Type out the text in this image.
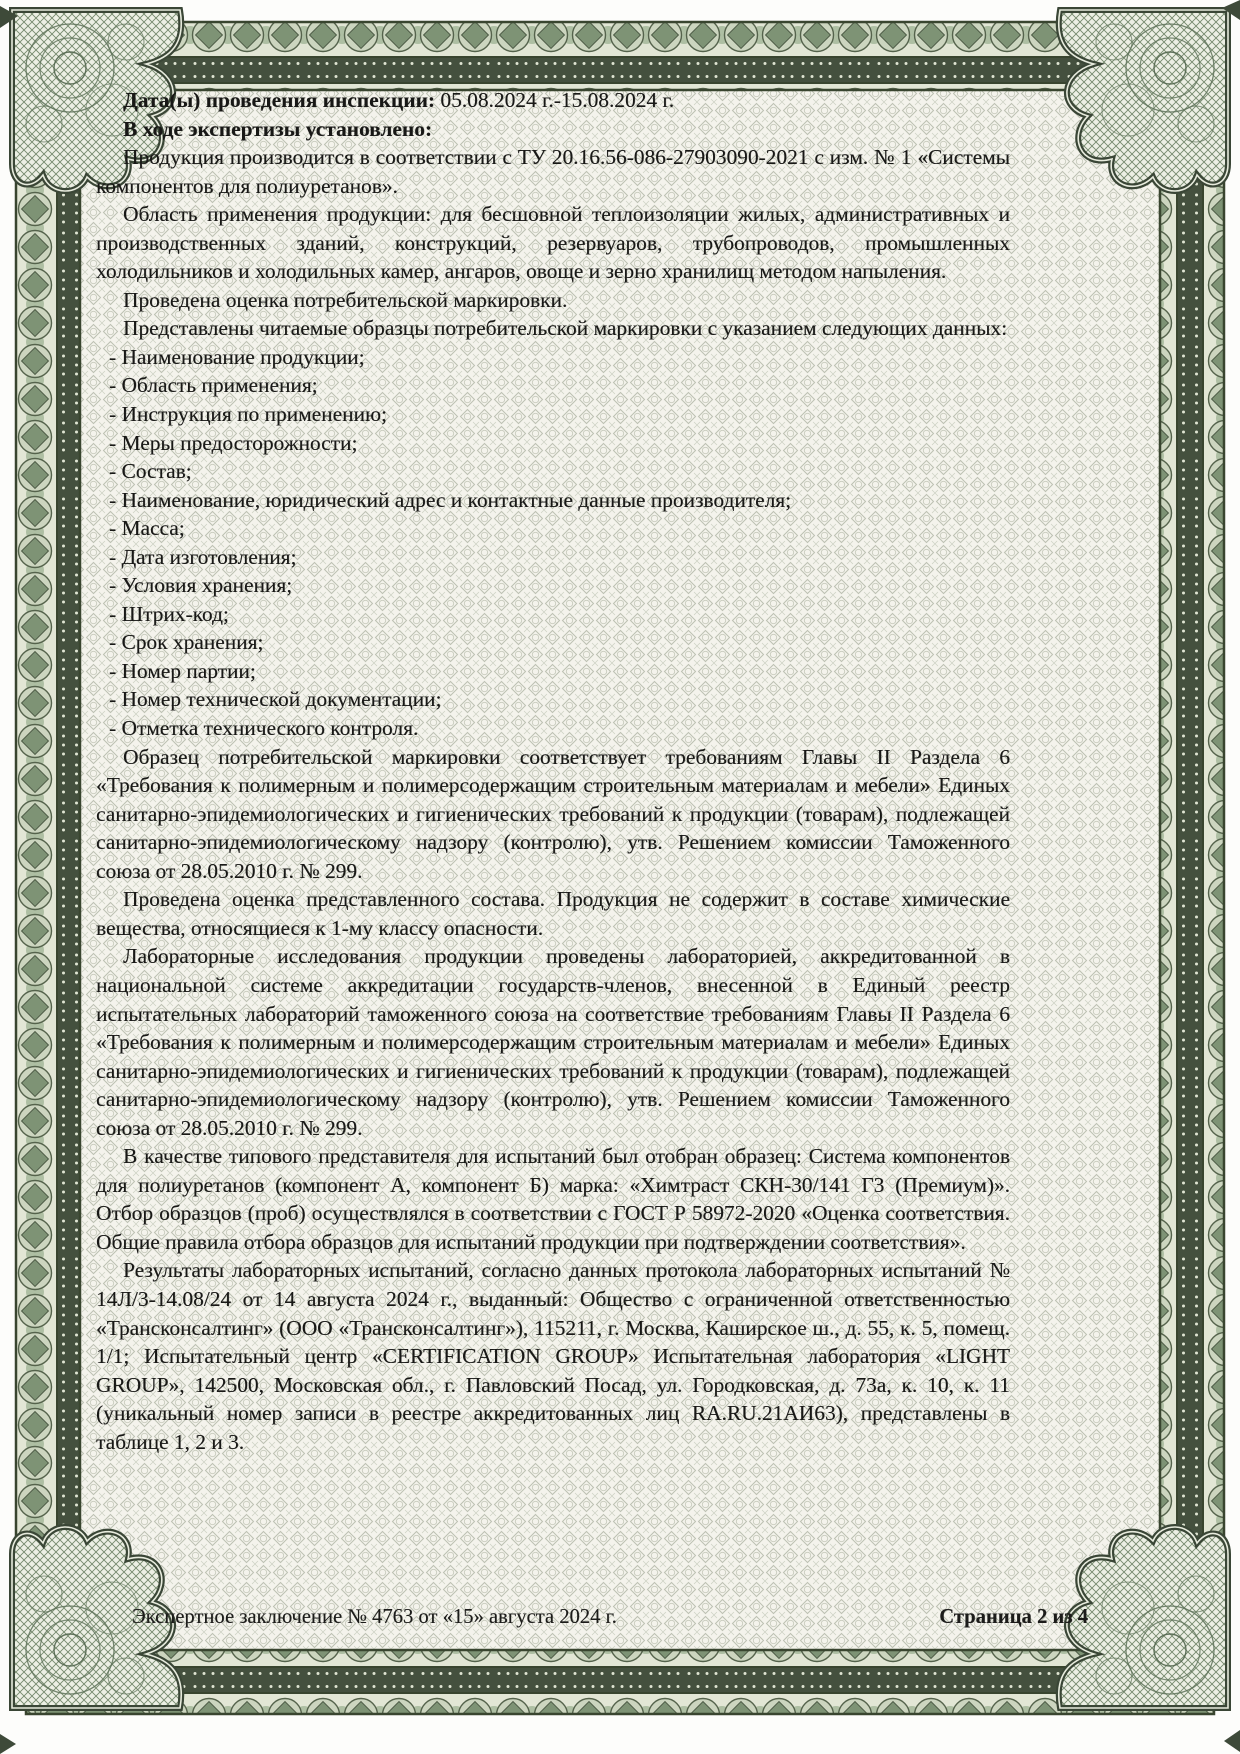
Дата(ы) проведения инспекции: 05.08.2024 г.-15.08.2024 г.

В ходе экспертизы установлено:

Продукция производится в соответствии с ТУ 20.16.56-086-27903090-2021 с изм. № 1 «Системы компонентов для полиуретанов».

Область применения продукции: для бесшовной теплоизоляции жилых, административных и производственных зданий, конструкций, резервуаров, трубопроводов, промышленных холодильников и холодильных камер, ангаров, овоще и зерно хранилищ методом напыления.

Проведена оценка потребительской маркировки.

Представлены читаемые образцы потребительской маркировки с указанием следующих данных:

- Наименование продукции;
- Область применения;
- Инструкция по применению;
- Меры предосторожности;
- Состав;
- Наименование, юридический адрес и контактные данные производителя;
- Масса;
- Дата изготовления;
- Условия хранения;
- Штрих-код;
- Срок хранения;
- Номер партии;
- Номер технической документации;
- Отметка технического контроля.

Образец потребительской маркировки соответствует требованиям Главы II Раздела 6 «Требования к полимерным и полимерсодержащим строительным материалам и мебели» Единых санитарно-эпидемиологических и гигиенических требований к продукции (товарам), подлежащей санитарно-эпидемиологическому надзору (контролю), утв. Решением комиссии Таможенного союза от 28.05.2010 г. № 299.

Проведена оценка представленного состава. Продукция не содержит в составе химические вещества, относящиеся к 1-му классу опасности.

Лабораторные исследования продукции проведены лабораторией, аккредитованной в национальной системе аккредитации государств-членов, внесенной в Единый реестр испытательных лабораторий таможенного союза на соответствие требованиям Главы II Раздела 6 «Требования к полимерным и полимерсодержащим строительным материалам и мебели» Единых санитарно-эпидемиологических и гигиенических требований к продукции (товарам), подлежащей санитарно-эпидемиологическому надзору (контролю), утв. Решением комиссии Таможенного союза от 28.05.2010 г. № 299.

В качестве типового представителя для испытаний был отобран образец: Система компонентов для полиуретанов (компонент А, компонент Б) марка: «Химтраст СКН-30/141 Г3 (Премиум)». Отбор образцов (проб) осуществлялся в соответствии с ГОСТ Р 58972-2020 «Оценка соответствия. Общие правила отбора образцов для испытаний продукции при подтверждении соответствия».

Результаты лабораторных испытаний, согласно данных протокола лабораторных испытаний № 14Л/3-14.08/24 от 14 августа 2024 г., выданный: Общество с ограниченной ответственностью «Трансконсалтинг» (ООО «Трансконсалтинг»), 115211, г. Москва, Каширское ш., д. 55, к. 5, помещ. 1/1; Испытательный центр «CERTIFICATION GROUP» Испытательная лаборатория «LIGHT GROUP», 142500, Московская обл., г. Павловский Посад, ул. Городковская, д. 73а, к. 10, к. 11 (уникальный номер записи в реестре аккредитованных лиц RA.RU.21АИ63), представлены в таблице 1, 2 и 3.

Экспертное заключение № 4763 от «15» августа 2024 г.	Страница 2 из 4
